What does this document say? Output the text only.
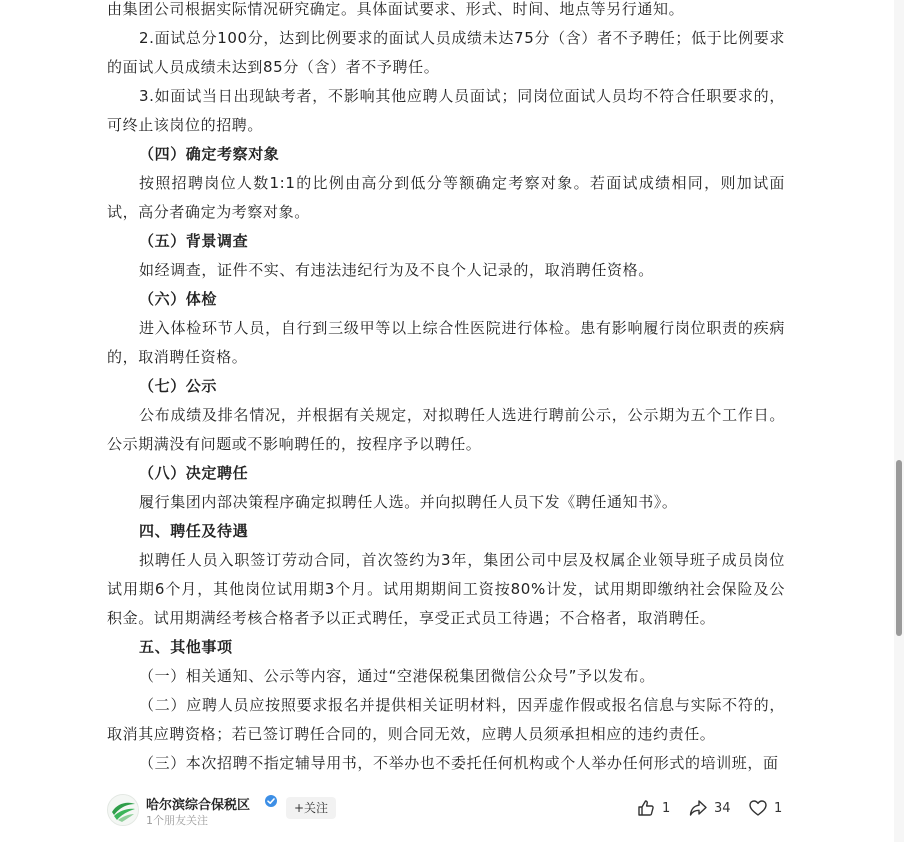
由集团公司根据实际情况研究确定。具体面试要求、形式、时间、地点等另行通知。

2.面试总分100分，达到比例要求的面试人员成绩未达75分（含）者不予聘任；低于比例要求的面试人员成绩未达到85分（含）者不予聘任。

3.如面试当日出现缺考者，不影响其他应聘人员面试；同岗位面试人员均不符合任职要求的，可终止该岗位的招聘。

（四）确定考察对象

按照招聘岗位人数1:1的比例由高分到低分等额确定考察对象。若面试成绩相同，则加试面试，高分者确定为考察对象。

（五）背景调查

如经调查，证件不实、有违法违纪行为及不良个人记录的，取消聘任资格。

（六）体检

进入体检环节人员，自行到三级甲等以上综合性医院进行体检。患有影响履行岗位职责的疾病的，取消聘任资格。

（七）公示

公布成绩及排名情况，并根据有关规定，对拟聘任人选进行聘前公示，公示期为五个工作日。公示期满没有问题或不影响聘任的，按程序予以聘任。

（八）决定聘任

履行集团内部决策程序确定拟聘任人选。并向拟聘任人员下发《聘任通知书》。

四、聘任及待遇

拟聘任人员入职签订劳动合同，首次签约为3年，集团公司中层及权属企业领导班子成员岗位试用期6个月，其他岗位试用期3个月。试用期期间工资按80%计发，试用期即缴纳社会保险及公积金。试用期满经考核合格者予以正式聘任，享受正式员工待遇；不合格者，取消聘任。

五、其他事项

（一）相关通知、公示等内容，通过“空港保税集团微信公众号”予以发布。

（二）应聘人员应按照要求报名并提供相关证明材料，因弄虚作假或报名信息与实际不符的，取消其应聘资格；若已签订聘任合同的，则合同无效，应聘人员须承担相应的违约责任。

（三）本次招聘不指定辅导用书，不举办也不委托任何机构或个人举办任何形式的培训班，面

哈尔滨综合保税区
1个朋友关注
+关注	1	34	1
